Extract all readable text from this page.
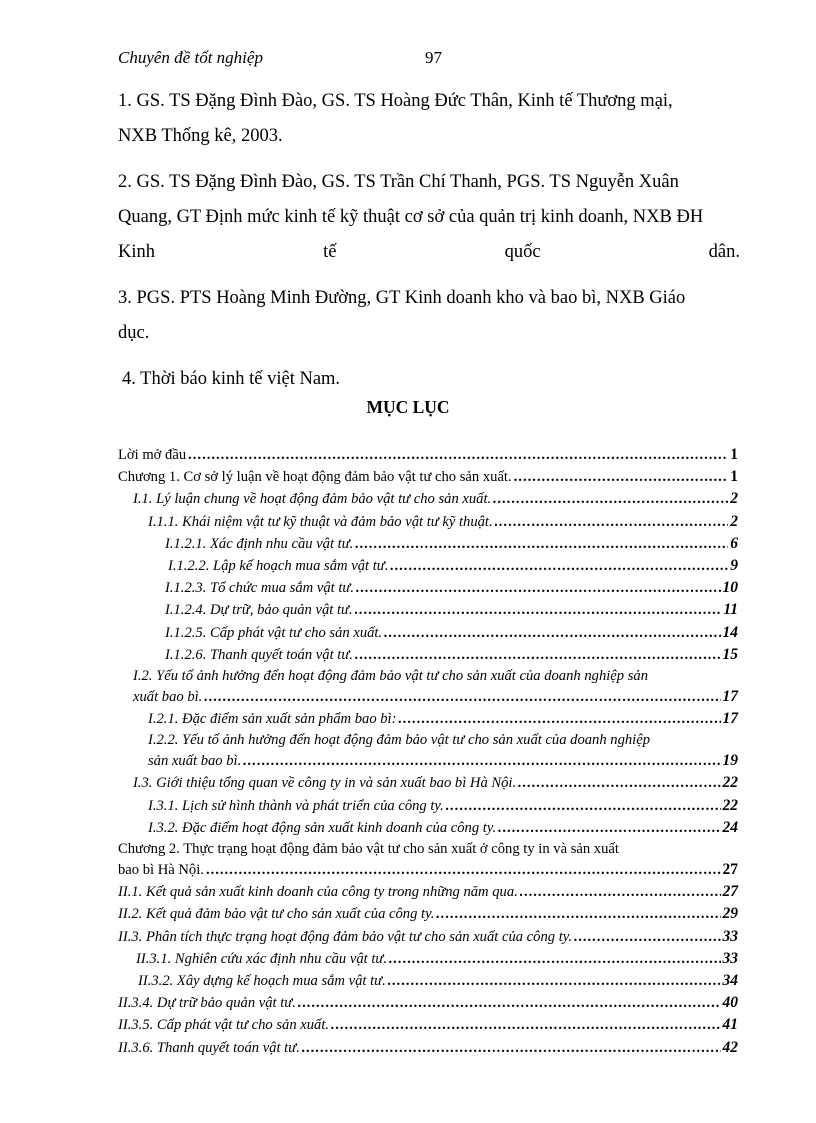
Chuyên đề tốt nghiệp	97
1. GS. TS Đặng Đình Đào, GS. TS Hoàng Đức Thân, Kinh tế Thương mại,
NXB Thống kê, 2003.
2. GS. TS Đặng Đình Đào, GS. TS Trần Chí Thanh, PGS. TS Nguyễn Xuân
Quang, GT Định mức kinh tế kỹ thuật cơ sở của quản trị kinh doanh, NXB ĐH
Kinh	tế	quốc	dân.
3. PGS. PTS Hoàng Minh Đường, GT Kinh doanh kho và bao bì, NXB Giáo
dục.
4. Thời báo kinh tế việt Nam.
MỤC LỤC
Lời mở đầu .....	1
Chương 1. Cơ sở lý luận về hoạt động đảm bảo vật tư cho sản xuất. .....	1
I.1. Lý luận chung về hoạt động đảm bảo vật tư cho sản xuất. .....	2
I.1.1. Khái niệm vật tư kỹ thuật và đảm bảo vật tư kỹ thuật. .....	2
I.1.2.1. Xác định nhu cầu vật tư. .....	6
I.1.2.2. Lập kế hoạch mua sắm vật tư. .....	9
I.1.2.3. Tổ chức mua sắm vật tư. .....	10
I.1.2.4. Dự trữ, bảo quản vật tư. .....	11
I.1.2.5. Cấp phát vật tư cho sản xuất. .....	14
I.1.2.6. Thanh quyết toán vật tư. .....	15
I.2. Yếu tố ảnh hưởng đến hoạt động đảm bảo vật tư cho sản xuất của doanh nghiệp sản
xuất bao bì. .....	17
I.2.1. Đặc điểm sản xuất sản phẩm bao bì: .....	17
I.2.2. Yếu tố ảnh hưởng đến hoạt động đảm bảo vật tư cho sản xuất của doanh nghiệp
sản xuất bao bì. .....	19
I.3. Giới thiệu tổng quan về công ty in và sản xuất bao bì Hà Nội. .....	22
I.3.1. Lịch sử hình thành và phát triển của công ty. .....	22
I.3.2. Đặc điểm hoạt động sản xuất kinh doanh của công ty. .....	24
Chương 2. Thực trạng hoạt động đảm bảo vật tư cho sản xuất ở công ty in và sản xuất
bao bì Hà Nội. .....	27
II.1. Kết quả sản xuất kinh doanh của công ty trong những năm qua. .....	27
II.2. Kết quả đảm bảo vật tư cho sản xuất của công ty. .....	29
II.3. Phân tích thực trạng hoạt động đảm bảo vật tư cho sản xuất của công ty. .....	33
II.3.1. Nghiên cứu xác định nhu cầu vật tư. .....	33
II.3.2. Xây dựng kế hoạch mua sắm vật tư. .....	34
II.3.4. Dự trữ bảo quản vật tư. .....	40
II.3.5. Cấp phát vật tư cho sản xuất. .....	41
II.3.6. Thanh quyết toán vật tư. .....	42
